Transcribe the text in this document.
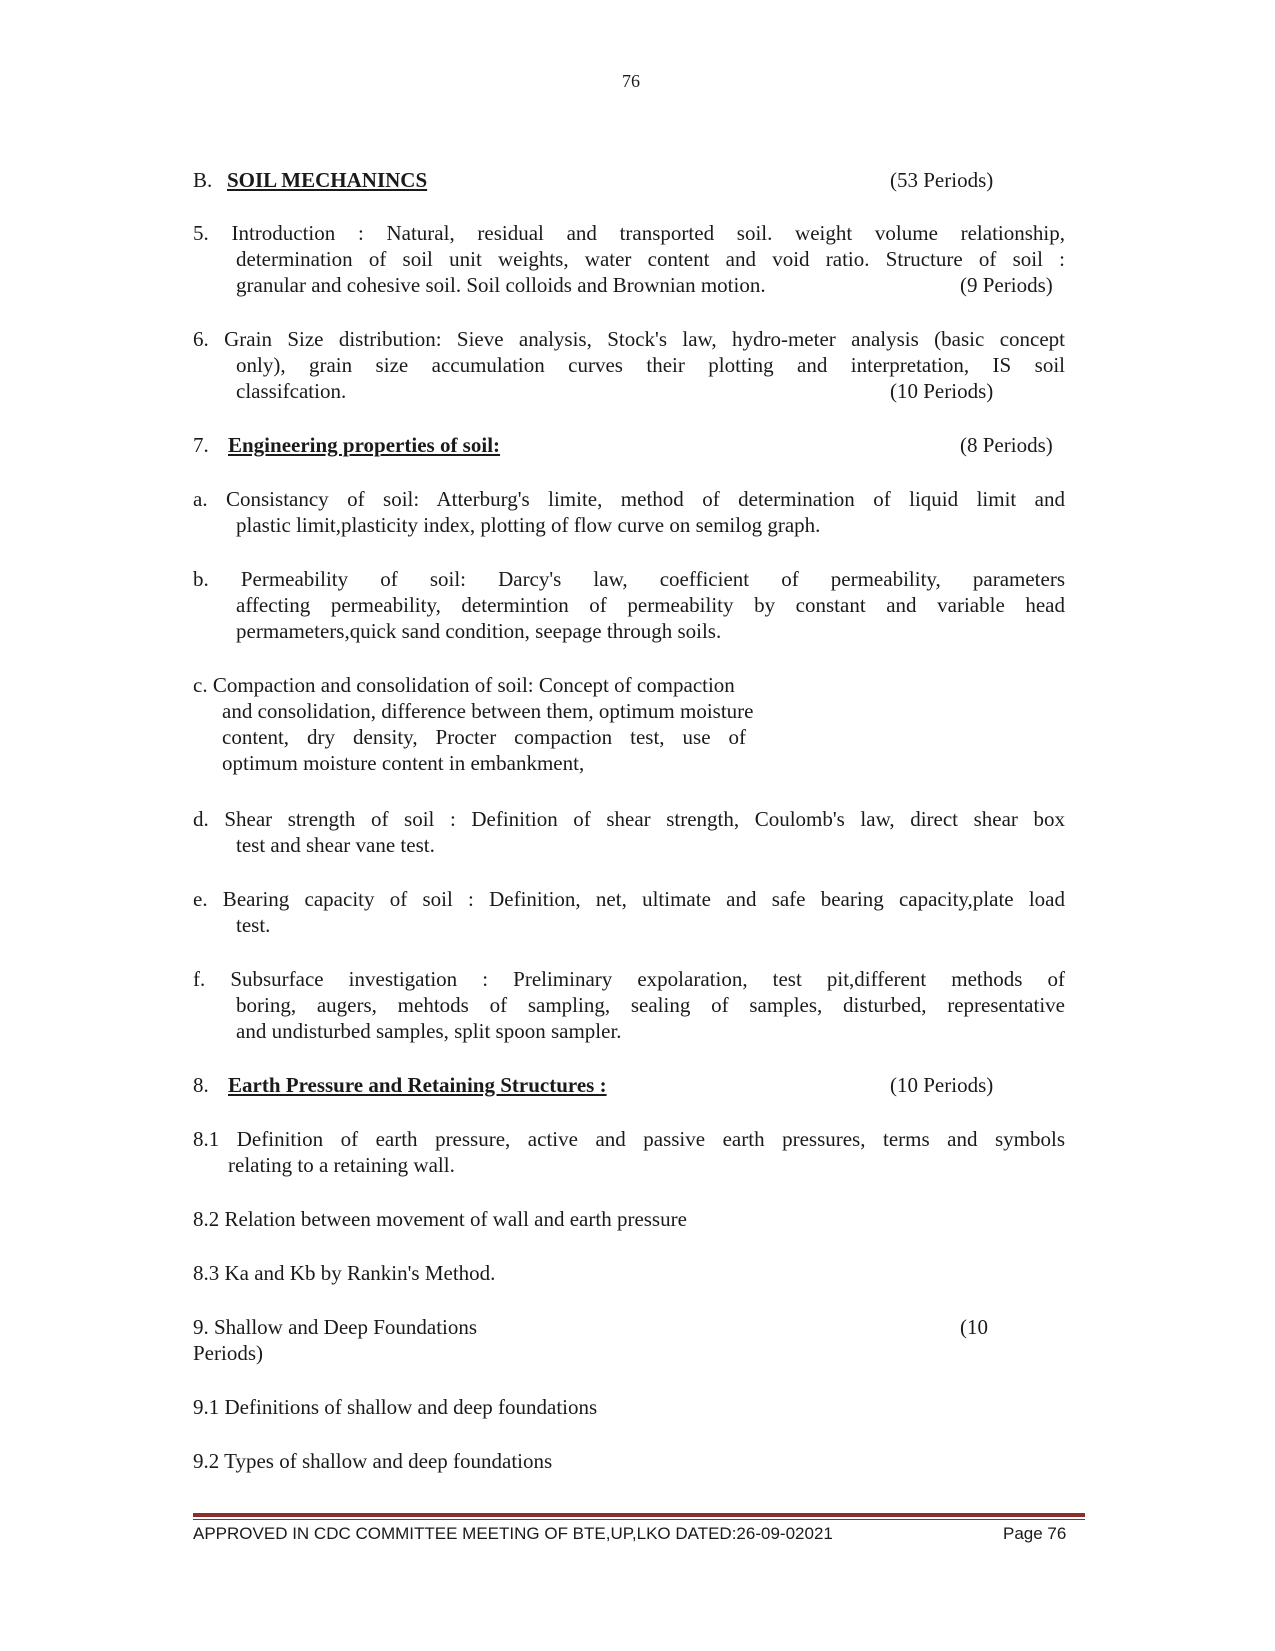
76
B. SOIL MECHANINCS	(53 Periods)
5. Introduction : Natural, residual and transported soil. weight volume relationship,
determination of soil unit weights, water content and void ratio. Structure of soil :
granular and cohesive soil. Soil colloids and Brownian motion.	(9 Periods)
6. Grain Size distribution: Sieve analysis, Stock's law, hydro-meter analysis (basic concept
only), grain size accumulation curves their plotting and interpretation, IS soil
classifcation.	(10 Periods)
7. Engineering properties of soil:	(8 Periods)
a. Consistancy of soil: Atterburg's limite, method of determination of liquid limit and
plastic limit,plasticity index, plotting of flow curve on semilog graph.
b. Permeability of soil: Darcy's law, coefficient of permeability, parameters
affecting permeability, determintion of permeability by constant and variable head
permameters,quick sand condition, seepage through soils.
c. Compaction and consolidation of soil: Concept of compaction
and consolidation, difference between them, optimum moisture
content, dry density, Procter compaction test, use of
optimum moisture content in embankment,
d. Shear strength of soil : Definition of shear strength, Coulomb's law, direct shear box
test and shear vane test.
e. Bearing capacity of soil : Definition, net, ultimate and safe bearing capacity,plate load
test.
f. Subsurface investigation : Preliminary expolaration, test pit,different methods of
boring, augers, mehtods of sampling, sealing of samples, disturbed, representative
and undisturbed samples, split spoon sampler.
8. Earth Pressure and Retaining Structures :	(10 Periods)
8.1 Definition of earth pressure, active and passive earth pressures, terms and symbols
relating to a retaining wall.
8.2 Relation between movement of wall and earth pressure
8.3 Ka and Kb by Rankin's Method.
9. Shallow and Deep Foundations	(10
Periods)
9.1 Definitions of shallow and deep foundations
9.2 Types of shallow and deep foundations
APPROVED IN CDC COMMITTEE MEETING OF BTE,UP,LKO DATED:26-09-02021	Page 76
